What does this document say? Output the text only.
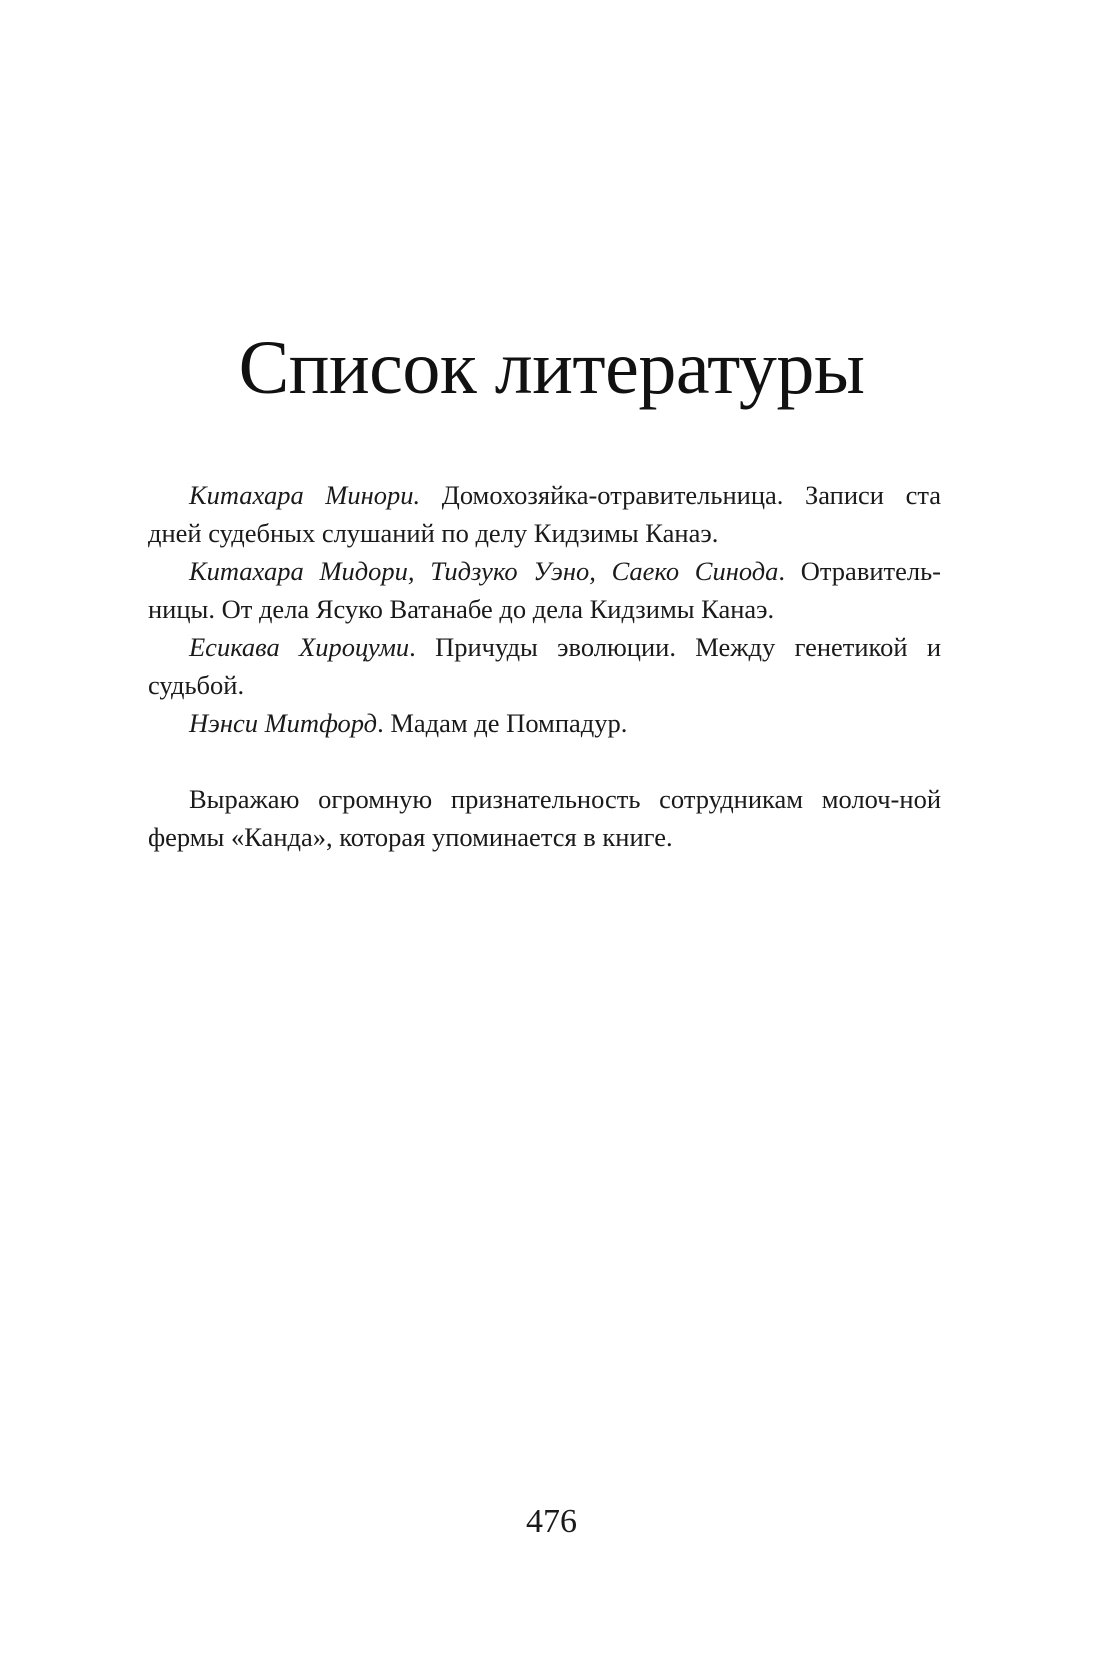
Список литературы

Китахара Минори. Домохозяйка-отравительница. Записи ста дней судебных слушаний по делу Кидзимы Канаэ.

Китахара Мидори, Тидзуко Уэно, Саеко Синода. Отравитель-ницы. От дела Ясуко Ватанабе до дела Кидзимы Канаэ.

Есикава Хироцуми. Причуды эволюции. Между генетикой и судьбой.

Нэнси Митфорд. Мадам де Помпадур.

Выражаю огромную признательность сотрудникам молоч-ной фермы «Канда», которая упоминается в книге.

476
